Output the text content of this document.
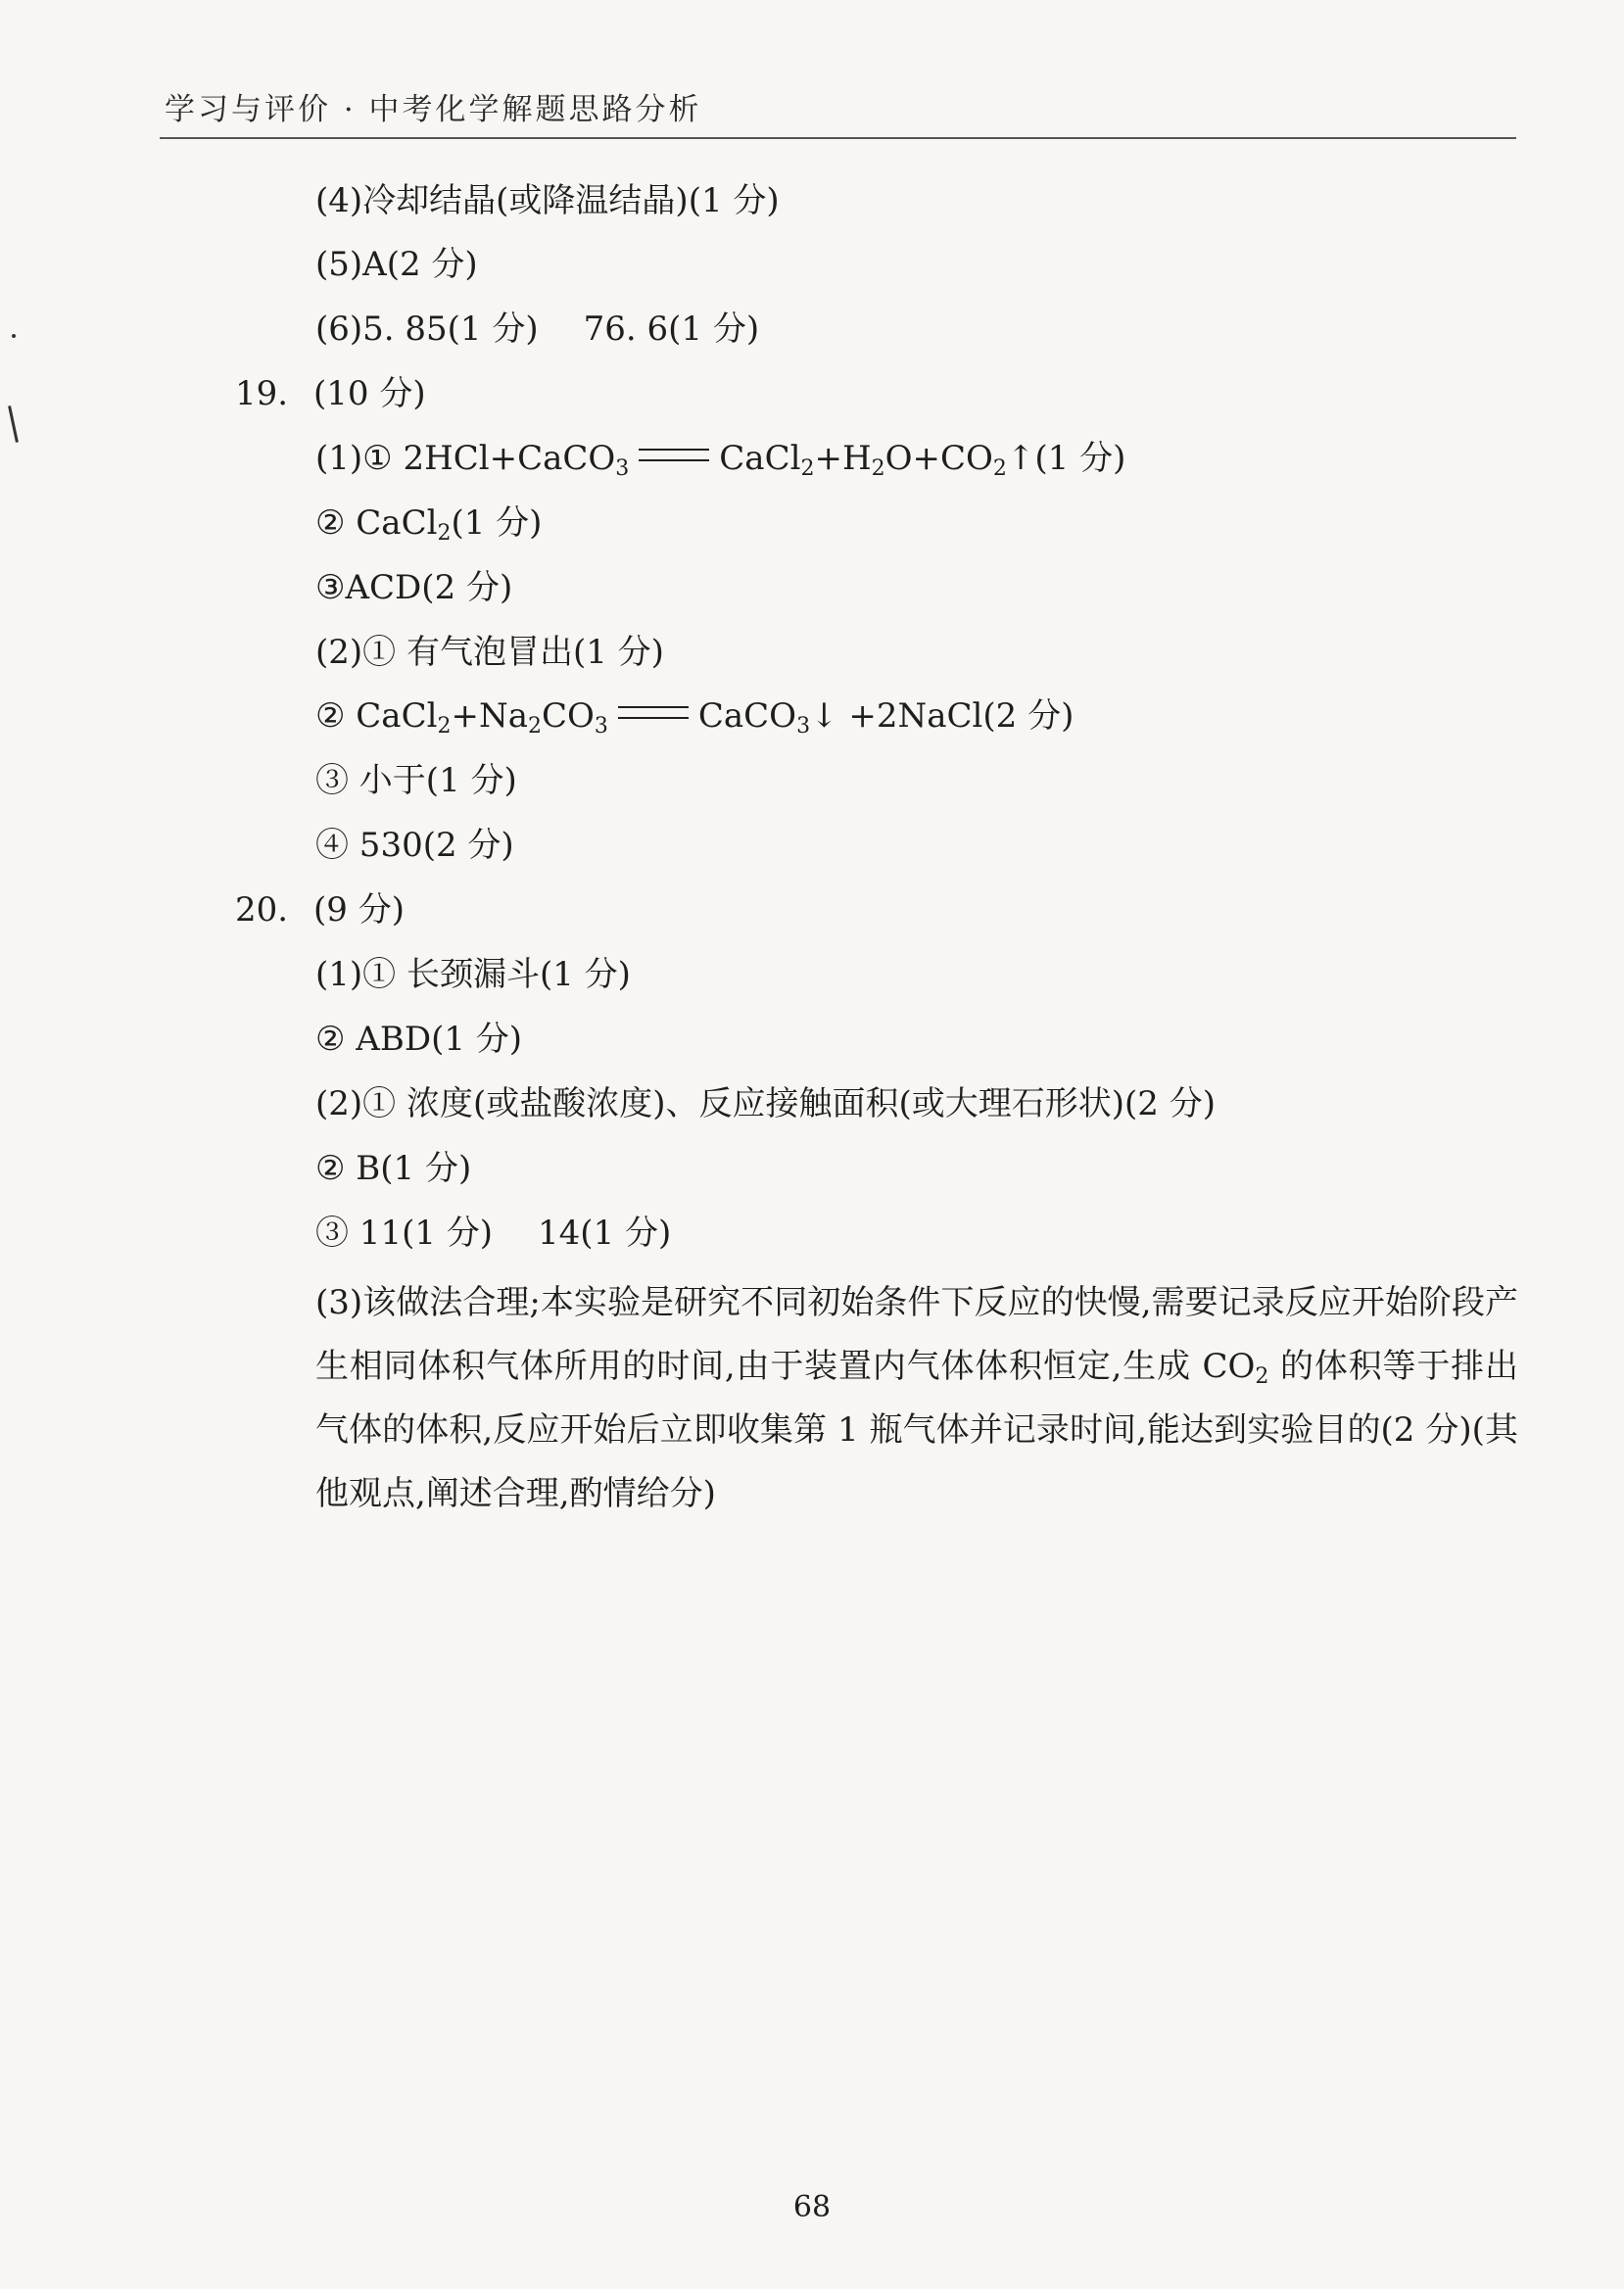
学习与评价 · 中考化学解题思路分析
(4)冷却结晶(或降温结晶)(1 分)
(5)A(2 分)
(6)5. 85(1 分) 76. 6(1 分)
19. (10 分)
(1)① 2HCl+CaCO$_3$	$CaCl_2+H_2O+CO_2↑(1$ 分)
② CaCl$_2$(1 分)
③ACD(2 分)
(2)① 有气泡冒出(1 分)
② $CaCl_2+Na_2CO_3$	CaCO$_3$↓ +2NaCl(2 分)
③ 小于(1 分)
④ 530(2 分)
20. (9 分)
(1)① 长颈漏斗(1 分)
② ABD(1 分)
(2)① 浓度(或盐酸浓度)、反应接触面积(或大理石形状)(2 分)
② B(1 分)
③ 11(1 分) 14(1 分)
(3)该做法合理;本实验是研究不同初始条件下反应的快慢,需要记录反应开始阶段产生相同体积气体所用的时间,由于装置内气体体积恒定,生成 $CO_2$ 的体积等于排出气体的体积,反应开始后立即收集第 1 瓶气体并记录时间,能达到实验目的(2 分)(其他观点,阐述合理,酌情给分)
68
